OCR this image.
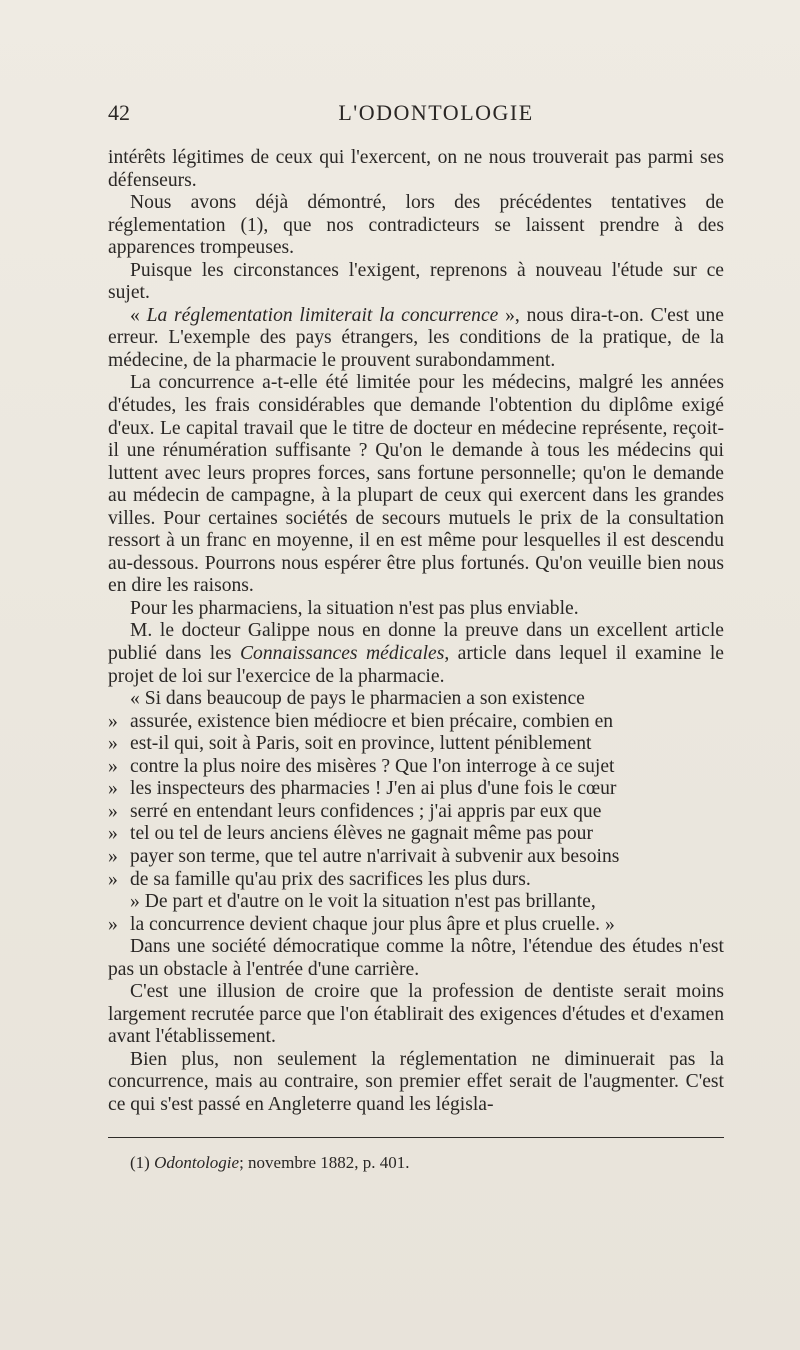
42	L'ODONTOLOGIE

intérêts légitimes de ceux qui l'exercent, on ne nous trouverait pas parmi ses défenseurs.

Nous avons déjà démontré, lors des précédentes tentatives de réglementation (1), que nos contradicteurs se laissent prendre à des apparences trompeuses.

Puisque les circonstances l'exigent, reprenons à nouveau l'étude sur ce sujet.

« La réglementation limiterait la concurrence », nous dira-t-on. C'est une erreur. L'exemple des pays étrangers, les conditions de la pratique, de la médecine, de la pharmacie le prouvent surabondamment.

La concurrence a-t-elle été limitée pour les médecins, malgré les années d'études, les frais considérables que demande l'obtention du diplôme exigé d'eux. Le capital travail que le titre de docteur en médecine représente, reçoit-il une rénumération suffisante ? Qu'on le demande à tous les médecins qui luttent avec leurs propres forces, sans fortune personnelle; qu'on le demande au médecin de campagne, à la plupart de ceux qui exercent dans les grandes villes. Pour certaines sociétés de secours mutuels le prix de la consultation ressort à un franc en moyenne, il en est même pour lesquelles il est descendu au-dessous. Pourrons nous espérer être plus fortunés. Qu'on veuille bien nous en dire les raisons.

Pour les pharmaciens, la situation n'est pas plus enviable.

M. le docteur Galippe nous en donne la preuve dans un excellent article publié dans les Connaissances médicales, article dans lequel il examine le projet de loi sur l'exercice de la pharmacie.

« Si dans beaucoup de pays le pharmacien a son existence

» assurée, existence bien médiocre et bien précaire, combien en

» est-il qui, soit à Paris, soit en province, luttent péniblement

» contre la plus noire des misères ? Que l'on interroge à ce sujet

» les inspecteurs des pharmacies ! J'en ai plus d'une fois le cœur

» serré en entendant leurs confidences ; j'ai appris par eux que

» tel ou tel de leurs anciens élèves ne gagnait même pas pour

» payer son terme, que tel autre n'arrivait à subvenir aux besoins

» de sa famille qu'au prix des sacrifices les plus durs.

» De part et d'autre on le voit la situation n'est pas brillante,

» la concurrence devient chaque jour plus âpre et plus cruelle. »

Dans une société démocratique comme la nôtre, l'étendue des études n'est pas un obstacle à l'entrée d'une carrière.

C'est une illusion de croire que la profession de dentiste serait moins largement recrutée parce que l'on établirait des exigences d'études et d'examen avant l'établissement.

Bien plus, non seulement la réglementation ne diminuerait pas la concurrence, mais au contraire, son premier effet serait de l'augmenter. C'est ce qui s'est passé en Angleterre quand les législa-

(1) Odontologie; novembre 1882, p. 401.
